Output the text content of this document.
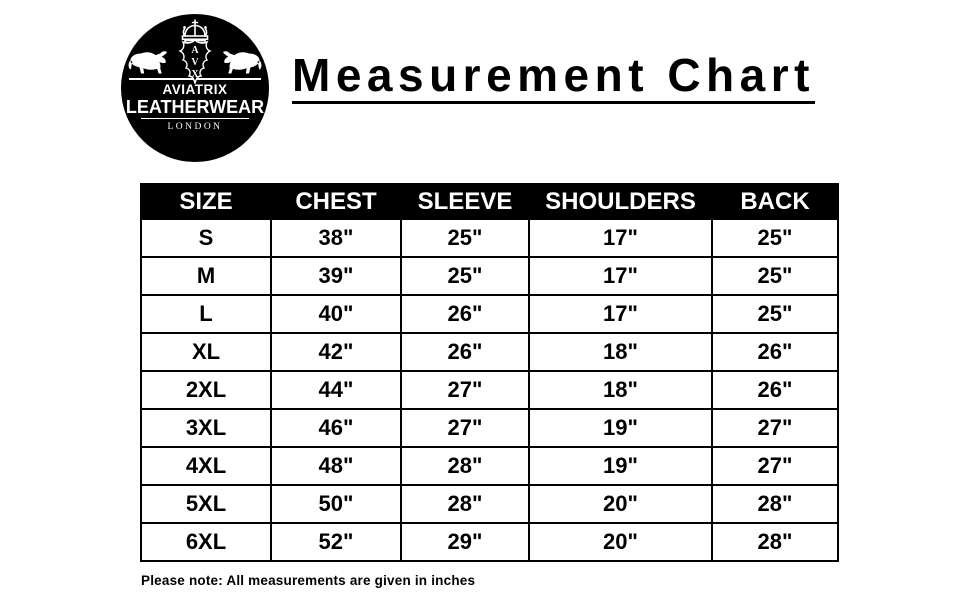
A
V
X
AVIATRIX
LEATHERWEAR
LONDON
Measurement Chart
SIZE	CHEST	SLEEVE	SHOULDERS	BACK
S	38"	25"	17"	25"
M	39"	25"	17"	25"
L	40"	26"	17"	25"
XL	42"	26"	18"	26"
2XL	44"	27"	18"	26"
3XL	46"	27"	19"	27"
4XL	48"	28"	19"	27"
5XL	50"	28"	20"	28"
6XL	52"	29"	20"	28"
Please note: All measurements are given in inches
